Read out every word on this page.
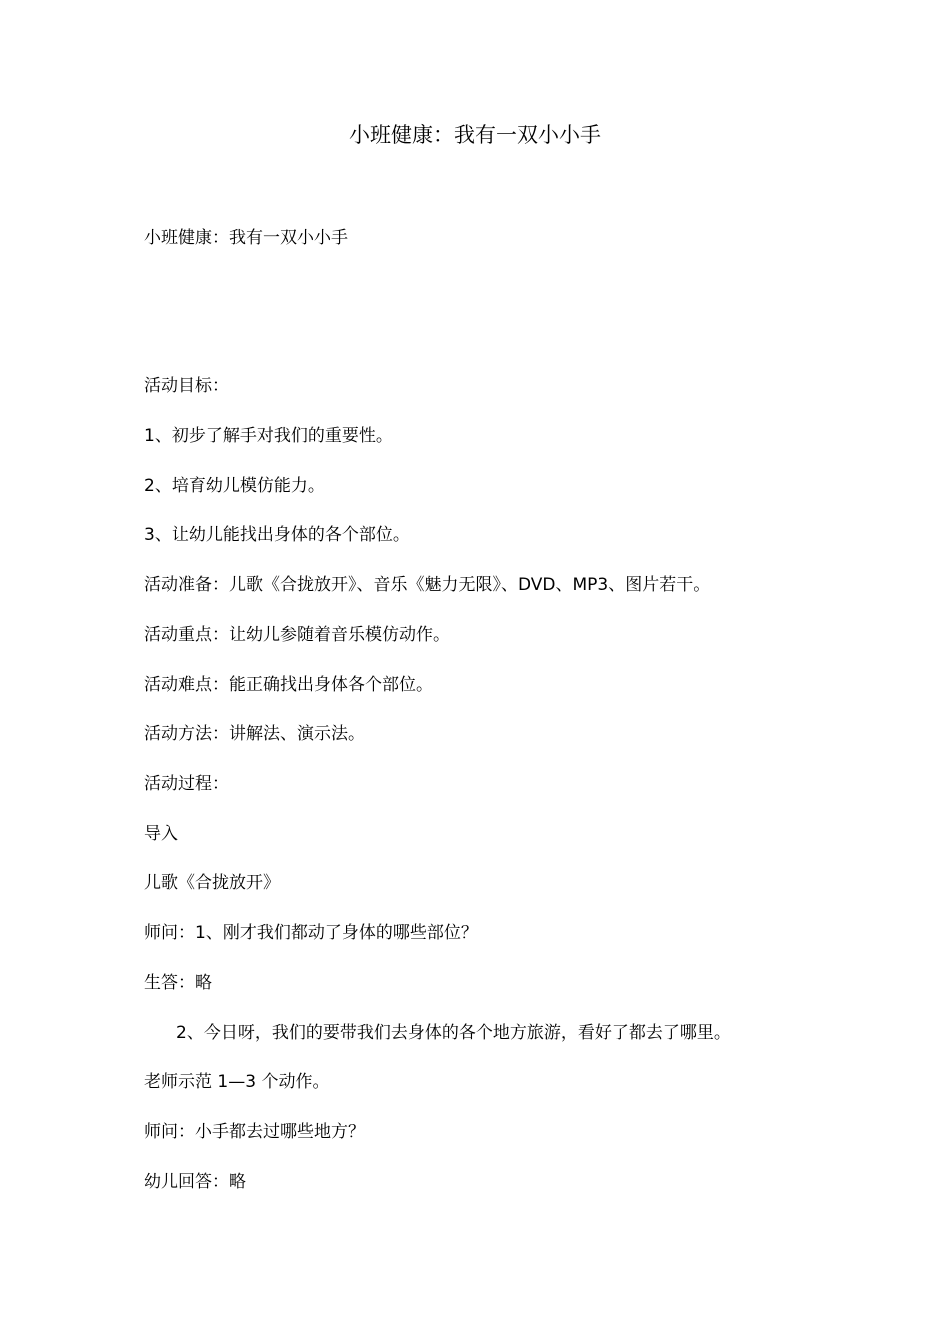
小班健康：我有一双小小手
小班健康：我有一双小小手
活动目标：
1、初步了解手对我们的重要性。
2、培育幼儿模仿能力。
3、让幼儿能找出身体的各个部位。
活动准备：儿歌《合拢放开》、音乐《魅力无限》、DVD、MP3、图片若干。
活动重点：让幼儿参随着音乐模仿动作。
活动难点：能正确找出身体各个部位。
活动方法：讲解法、演示法。
活动过程：
导入
儿歌《合拢放开》
师问：1、刚才我们都动了身体的哪些部位？
生答：略
2、今日呀，我们的要带我们去身体的各个地方旅游，看好了都去了哪里。
老师示范 1—3 个动作。
师问：小手都去过哪些地方？
幼儿回答：略
